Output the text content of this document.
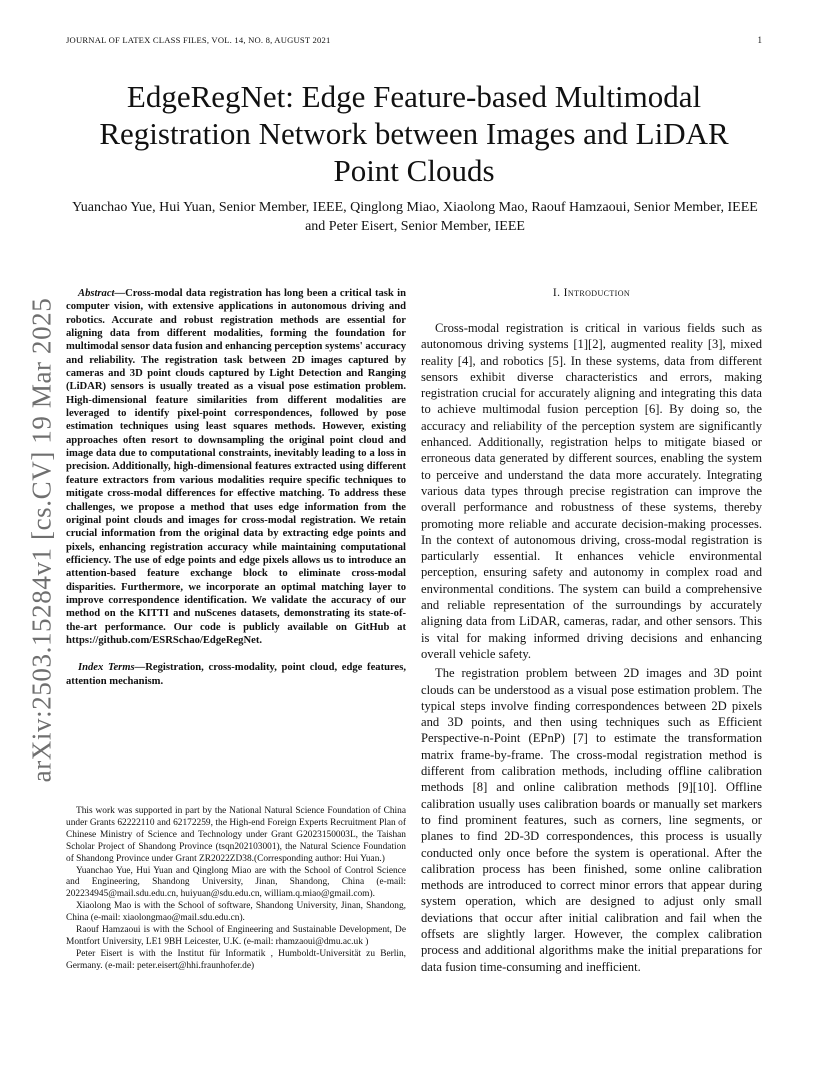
JOURNAL OF LATEX CLASS FILES, VOL. 14, NO. 8, AUGUST 2021	1
arXiv:2503.15284v1 [cs.CV] 19 Mar 2025
EdgeRegNet: Edge Feature-based Multimodal Registration Network between Images and LiDAR Point Clouds
Yuanchao Yue, Hui Yuan, Senior Member, IEEE, Qinglong Miao, Xiaolong Mao, Raouf Hamzaoui, Senior Member, IEEE and Peter Eisert, Senior Member, IEEE

Abstract—Cross-modal data registration has long been a critical task in computer vision, with extensive applications in autonomous driving and robotics. Accurate and robust registration methods are essential for aligning data from different modalities, forming the foundation for multimodal sensor data fusion and enhancing perception systems' accuracy and reliability. The registration task between 2D images captured by cameras and 3D point clouds captured by Light Detection and Ranging (LiDAR) sensors is usually treated as a visual pose estimation problem. High-dimensional feature similarities from different modalities are leveraged to identify pixel-point correspondences, followed by pose estimation techniques using least squares methods. However, existing approaches often resort to downsampling the original point cloud and image data due to computational constraints, inevitably leading to a loss in precision. Additionally, high-dimensional features extracted using different feature extractors from various modalities require specific techniques to mitigate cross-modal differences for effective matching. To address these challenges, we propose a method that uses edge information from the original point clouds and images for cross-modal registration. We retain crucial information from the original data by extracting edge points and pixels, enhancing registration accuracy while maintaining computational efficiency. The use of edge points and edge pixels allows us to introduce an attention-based feature exchange block to eliminate cross-modal disparities. Furthermore, we incorporate an optimal matching layer to improve correspondence identification. We validate the accuracy of our method on the KITTI and nuScenes datasets, demonstrating its state-of-the-art performance. Our code is publicly available on GitHub at https://github.com/ESRSchao/EdgeRegNet.

Index Terms—Registration, cross-modality, point cloud, edge features, attention mechanism.

This work was supported in part by the National Natural Science Foundation of China under Grants 62222110 and 62172259, the High-end Foreign Experts Recruitment Plan of Chinese Ministry of Science and Technology under Grant G2023150003L, the Taishan Scholar Project of Shandong Province (tsqn202103001), the Natural Science Foundation of Shandong Province under Grant ZR2022ZD38.(Corresponding author: Hui Yuan.)

Yuanchao Yue, Hui Yuan and Qinglong Miao are with the School of Control Science and Engineering, Shandong University, Jinan, Shandong, China (e-mail: 202234945@mail.sdu.edu.cn, huiyuan@sdu.edu.cn, william.q.miao@gmail.com).

Xiaolong Mao is with the School of software, Shandong University, Jinan, Shandong, China (e-mail: xiaolongmao@mail.sdu.edu.cn).

Raouf Hamzaoui is with the School of Engineering and Sustainable Development, De Montfort University, LE1 9BH Leicester, U.K. (e-mail: rhamzaoui@dmu.ac.uk )

Peter Eisert is with the Institut für Informatik , Humboldt-Universität zu Berlin, Germany. (e-mail: peter.eisert@hhi.fraunhofer.de)

I. Introduction

Cross-modal registration is critical in various fields such as autonomous driving systems [1][2], augmented reality [3], mixed reality [4], and robotics [5]. In these systems, data from different sensors exhibit diverse characteristics and errors, making registration crucial for accurately aligning and integrating this data to achieve multimodal fusion perception [6]. By doing so, the accuracy and reliability of the perception system are significantly enhanced. Additionally, registration helps to mitigate biased or erroneous data generated by different sources, enabling the system to perceive and understand the data more accurately. Integrating various data types through precise registration can improve the overall performance and robustness of these systems, thereby promoting more reliable and accurate decision-making processes. In the context of autonomous driving, cross-modal registration is particularly essential. It enhances vehicle environmental perception, ensuring safety and autonomy in complex road and environmental conditions. The system can build a comprehensive and reliable representation of the surroundings by accurately aligning data from LiDAR, cameras, radar, and other sensors. This is vital for making informed driving decisions and enhancing overall vehicle safety.

The registration problem between 2D images and 3D point clouds can be understood as a visual pose estimation problem. The typical steps involve finding correspondences between 2D pixels and 3D points, and then using techniques such as Efficient Perspective-n-Point (EPnP) [7] to estimate the transformation matrix frame-by-frame. The cross-modal registration method is different from calibration methods, including offline calibration methods [8] and online calibration methods [9][10]. Offline calibration usually uses calibration boards or manually set markers to find prominent features, such as corners, line segments, or planes to find 2D-3D correspondences, this process is usually conducted only once before the system is operational. After the calibration process has been finished, some online calibration methods are introduced to correct minor errors that appear during system operation, which are designed to adjust only small deviations that occur after initial calibration and fail when the offsets are slightly larger. However, the complex calibration process and additional algorithms make the initial preparations for data fusion time-consuming and inefficient.
